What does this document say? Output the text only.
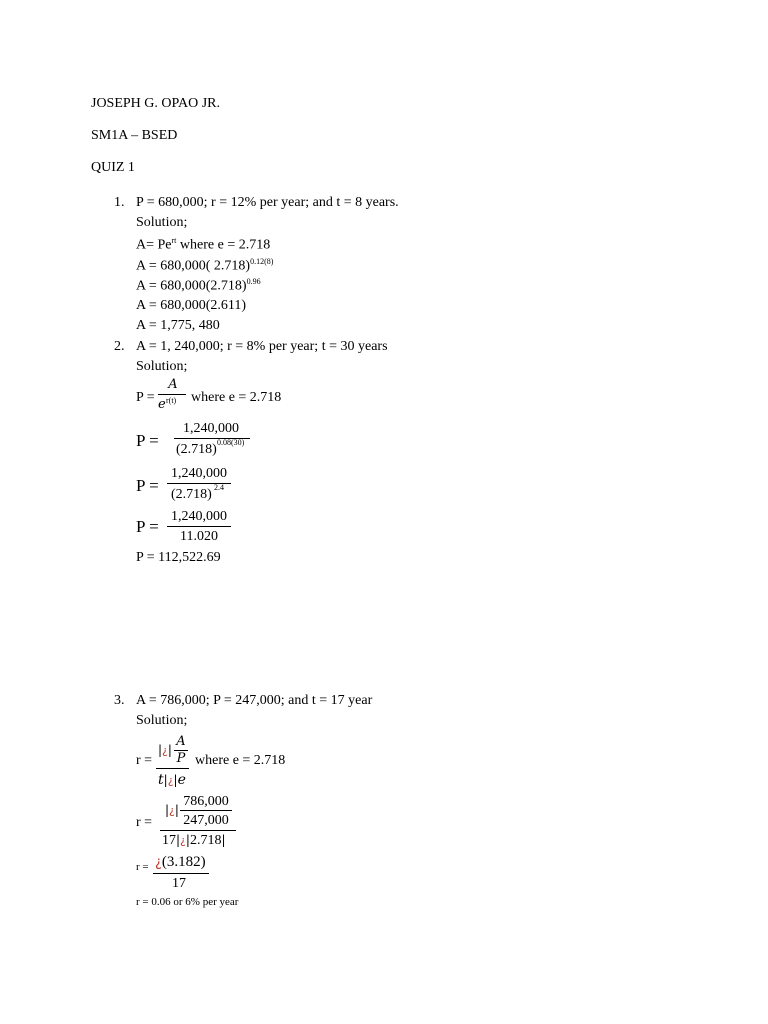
JOSEPH G. OPAO JR.
SM1A – BSED
QUIZ 1
1. P = 680,000; r = 12% per year; and t = 8 years.
Solution;
$A= Pe^{rt}$ where e = 2.718
A = 680,000( 2.718)$^{0.12(8)}$
$A = 680,000(2.718)^{0.96}$
A = 680,000(2.611)
A = 1,775, 480
2. A = 1, 240,000; r = 8% per year; t = 30 years
Solution;
P =
A
e r(t) where e = 2.718
P =
1,240,000
(2.718) 0.08(30)
P =
1,240,000
(2.718) 2.4
P =
1,240,000
11.020
P = 112,522.69
3. A = 786,000; P = 247,000; and t = 17 year
Solution;
r =
|¿|
A
P
t|¿|e
where e = 2.718
r =
|¿|
786,000
247,000
17|¿|2.718|
r = ¿(3.182)
17
r = 0.06 or 6% per year
